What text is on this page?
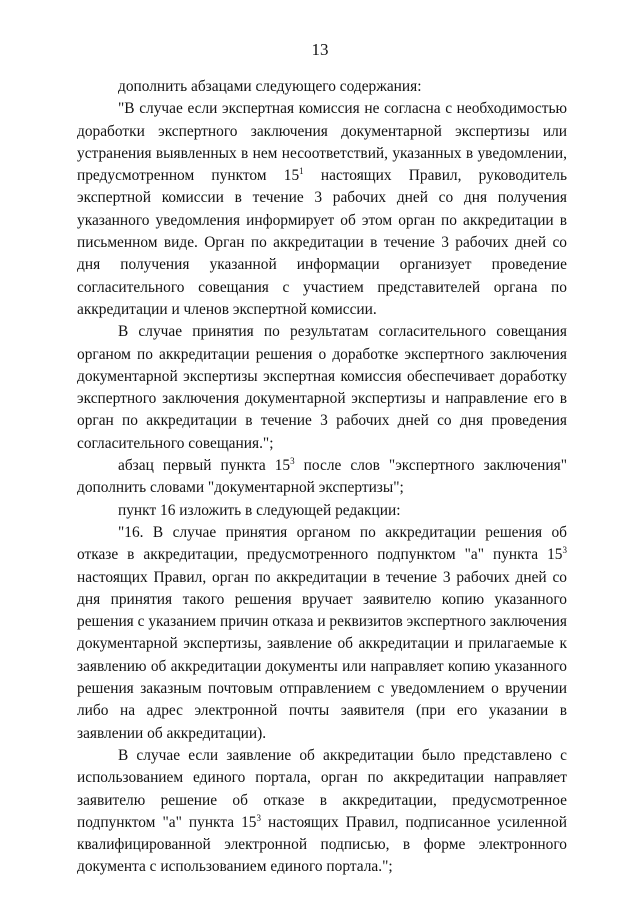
13

дополнить абзацами следующего содержания:

"В случае если экспертная комиссия не согласна с необходимостью доработки экспертного заключения документарной экспертизы или устранения выявленных в нем несоответствий, указанных в уведомлении, предусмотренном пунктом $15^1$ настоящих Правил, руководитель экспертной комиссии в течение 3 рабочих дней со дня получения указанного уведомления информирует об этом орган по аккредитации в письменном виде. Орган по аккредитации в течение 3 рабочих дней со дня получения указанной информации организует проведение согласительного совещания с участием представителей органа по аккредитации и членов экспертной комиссии.

В случае принятия по результатам согласительного совещания органом по аккредитации решения о доработке экспертного заключения документарной экспертизы экспертная комиссия обеспечивает доработку экспертного заключения документарной экспертизы и направление его в орган по аккредитации в течение 3 рабочих дней со дня проведения согласительного совещания.";

абзац первый пункта $15^3$ после слов "экспертного заключения" дополнить словами "документарной экспертизы";

пункт 16 изложить в следующей редакции:

"16. В случае принятия органом по аккредитации решения об отказе в аккредитации, предусмотренного подпунктом "а" пункта $15^3$ настоящих Правил, орган по аккредитации в течение 3 рабочих дней со дня принятия такого решения вручает заявителю копию указанного решения с указанием причин отказа и реквизитов экспертного заключения документарной экспертизы, заявление об аккредитации и прилагаемые к заявлению об аккредитации документы или направляет копию указанного решения заказным почтовым отправлением с уведомлением о вручении либо на адрес электронной почты заявителя (при его указании в заявлении об аккредитации).

В случае если заявление об аккредитации было представлено с использованием единого портала, орган по аккредитации направляет заявителю решение об отказе в аккредитации, предусмотренное подпунктом "а" пункта $15^3$ настоящих Правил, подписанное усиленной квалифицированной электронной подписью, в форме электронного документа с использованием единого портала.";
